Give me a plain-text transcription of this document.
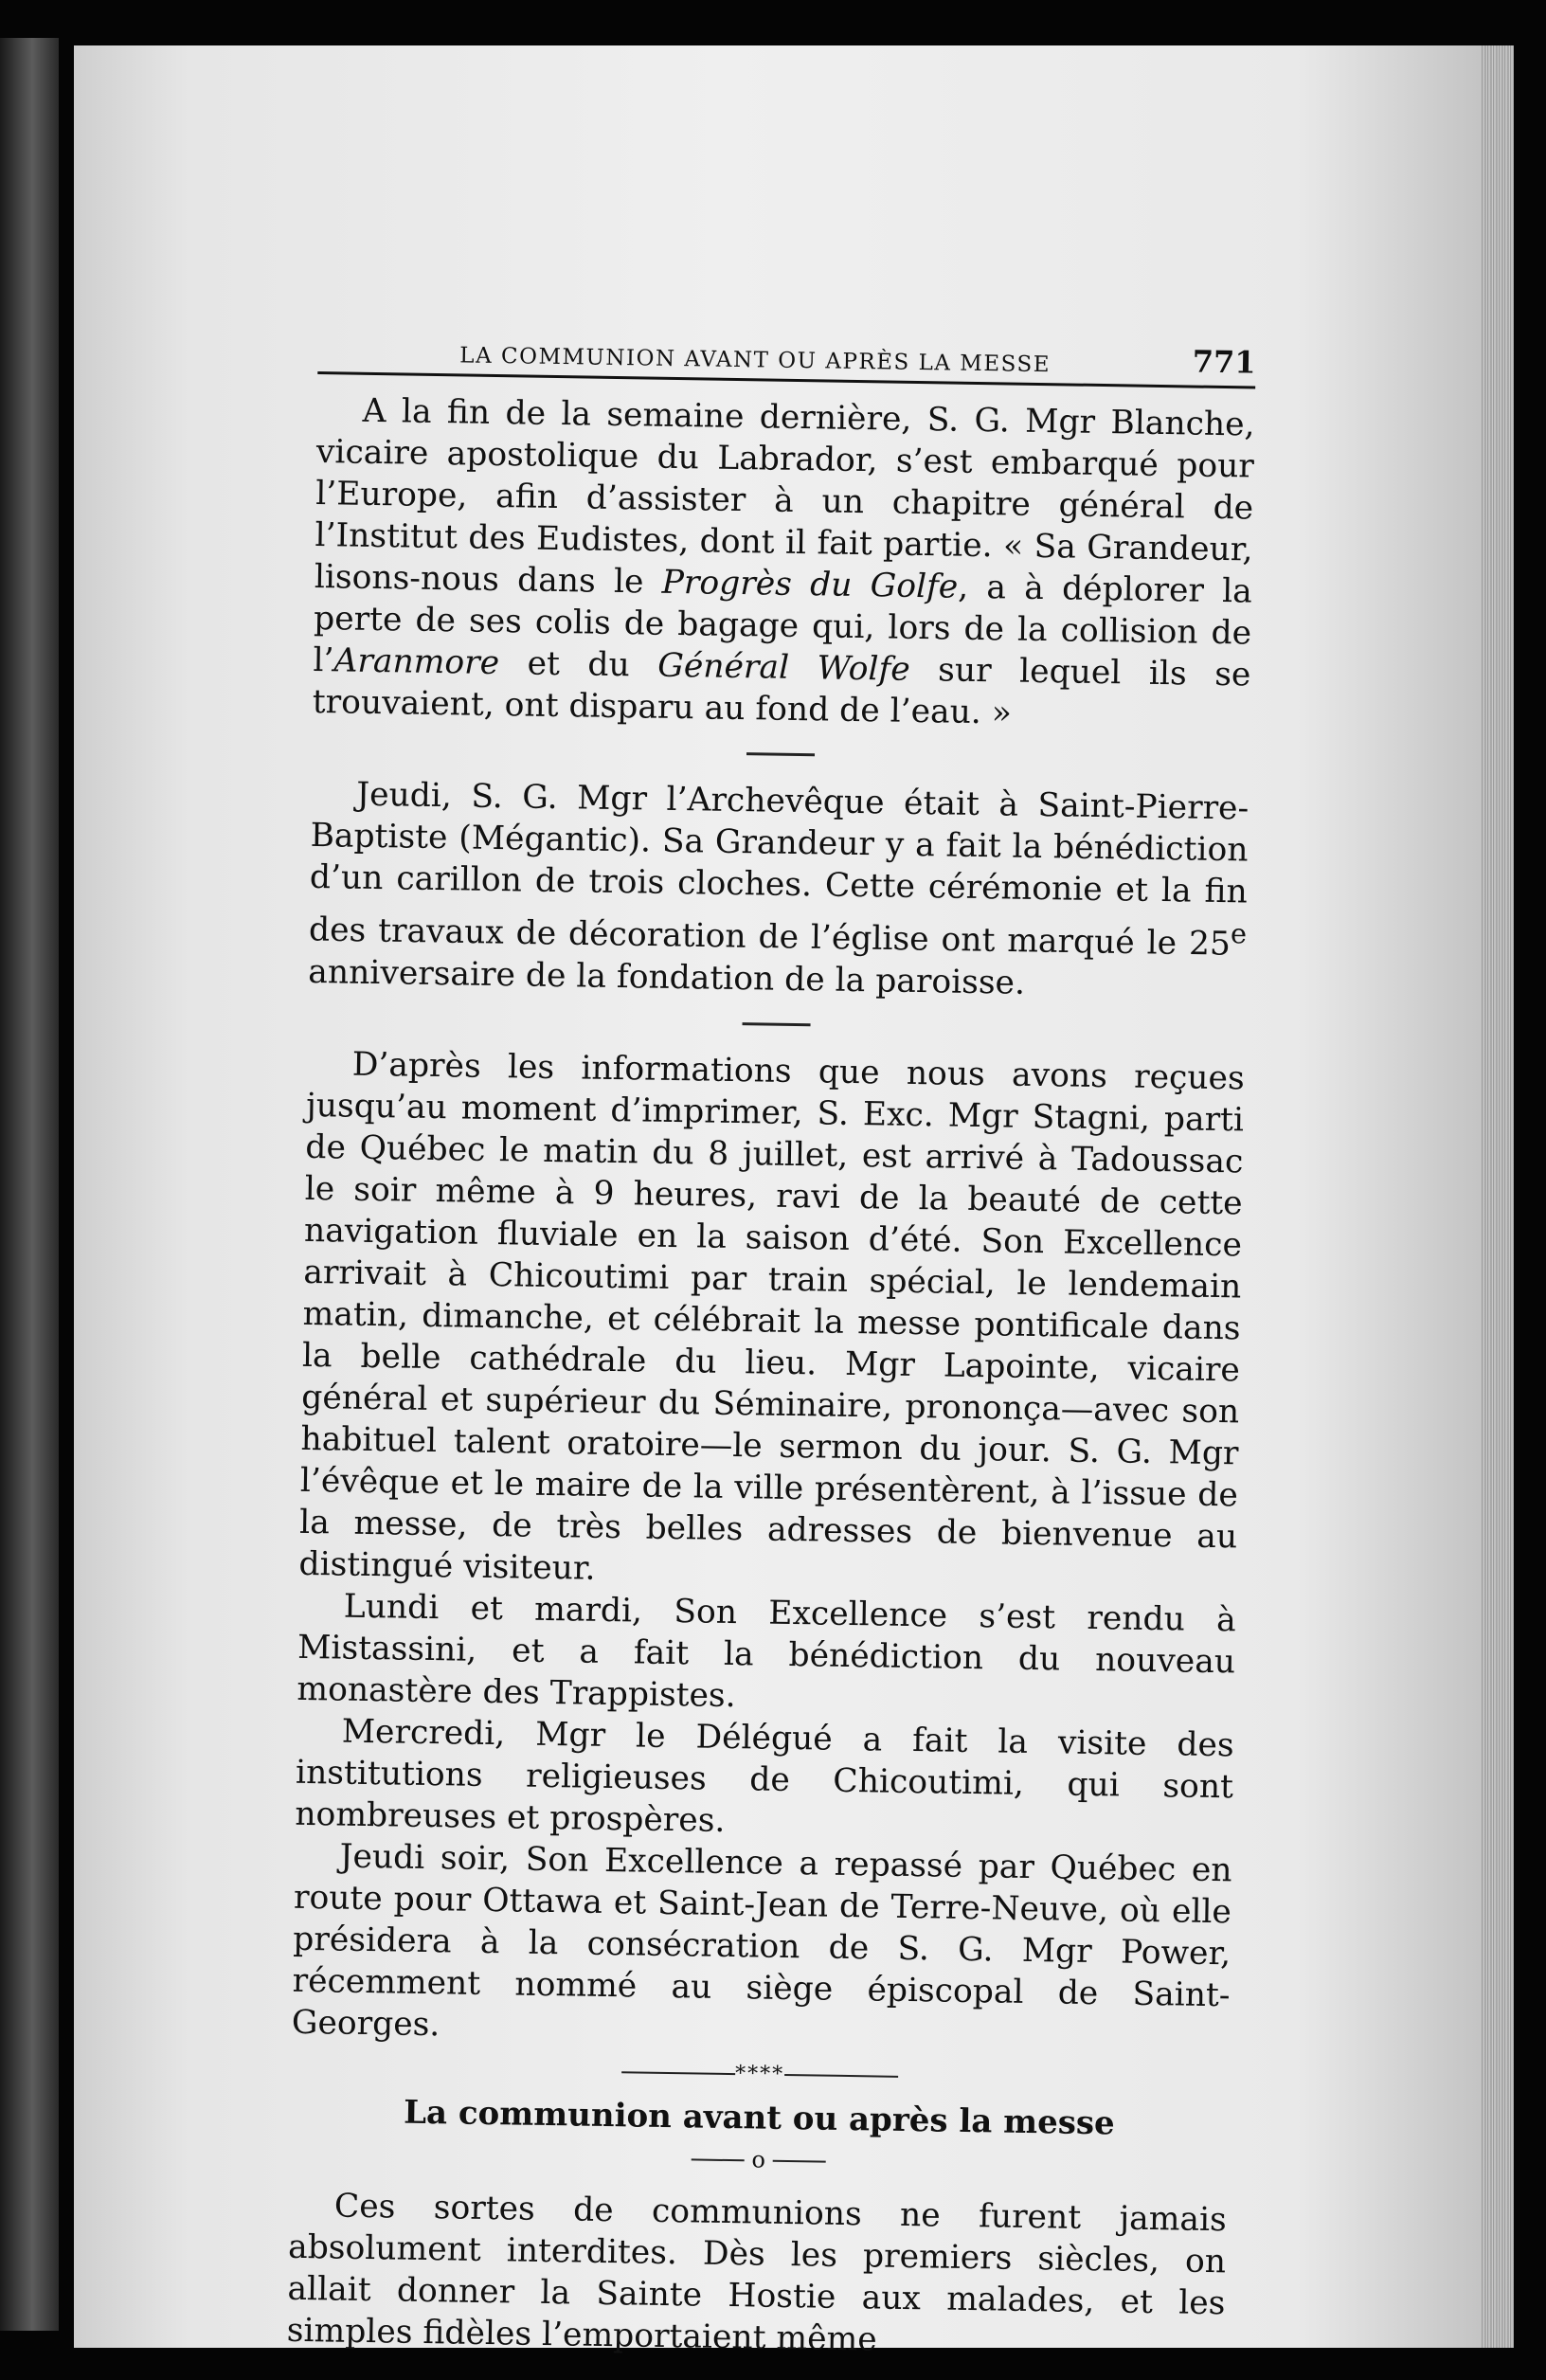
LA COMMUNION AVANT OU APRÈS LA MESSE	771

A la fin de la semaine dernière, S. G. Mgr Blanche, vicaire apostolique du Labrador, s’est embarqué pour l’Europe, afin d’assister à un chapitre général de l’Institut des Eudistes, dont il fait partie. « Sa Grandeur, lisons-nous dans le Progrès du Golfe, a à déplorer la perte de ses colis de bagage qui, lors de la collision de l’Aranmore et du Général Wolfe sur lequel ils se trouvaient, ont disparu au fond de l’eau. »

Jeudi, S. G. Mgr l’Archevêque était à Saint-Pierre-Baptiste (Mégantic). Sa Grandeur y a fait la bénédiction d’un carillon de trois cloches. Cette cérémonie et la fin des travaux de décoration de l’église ont marqué le 25e anniversaire de la fondation de la paroisse.

D’après les informations que nous avons reçues jusqu’au moment d’imprimer, S. Exc. Mgr Stagni, parti de Québec le matin du 8 juillet, est arrivé à Tadoussac le soir même à 9 heures, ravi de la beauté de cette navigation fluviale en la saison d’été. Son Excellence arrivait à Chicoutimi par train spécial, le lendemain matin, dimanche, et célébrait la messe pontificale dans la belle cathédrale du lieu. Mgr Lapointe, vicaire général et supérieur du Séminaire, prononça—avec son habituel talent oratoire—le sermon du jour. S. G. Mgr l’évêque et le maire de la ville présentèrent, à l’issue de la messe, de très belles adresses de bienvenue au distingué visiteur.

Lundi et mardi, Son Excellence s’est rendu à Mistassini, et a fait la bénédiction du nouveau monastère des Trappistes.

Mercredi, Mgr le Délégué a fait la visite des institutions religieuses de Chicoutimi, qui sont nombreuses et prospères.

Jeudi soir, Son Excellence a repassé par Québec en route pour Ottawa et Saint-Jean de Terre-Neuve, où elle présidera à la consécration de S. G. Mgr Power, récemment nommé au siège épiscopal de Saint-Georges.

****
La communion avant ou après la messe
o

Ces sortes de communions ne furent jamais absolument interdites. Dès les premiers siècles, on allait donner la Sainte Hostie aux malades, et les simples fidèles l’emportaient même
